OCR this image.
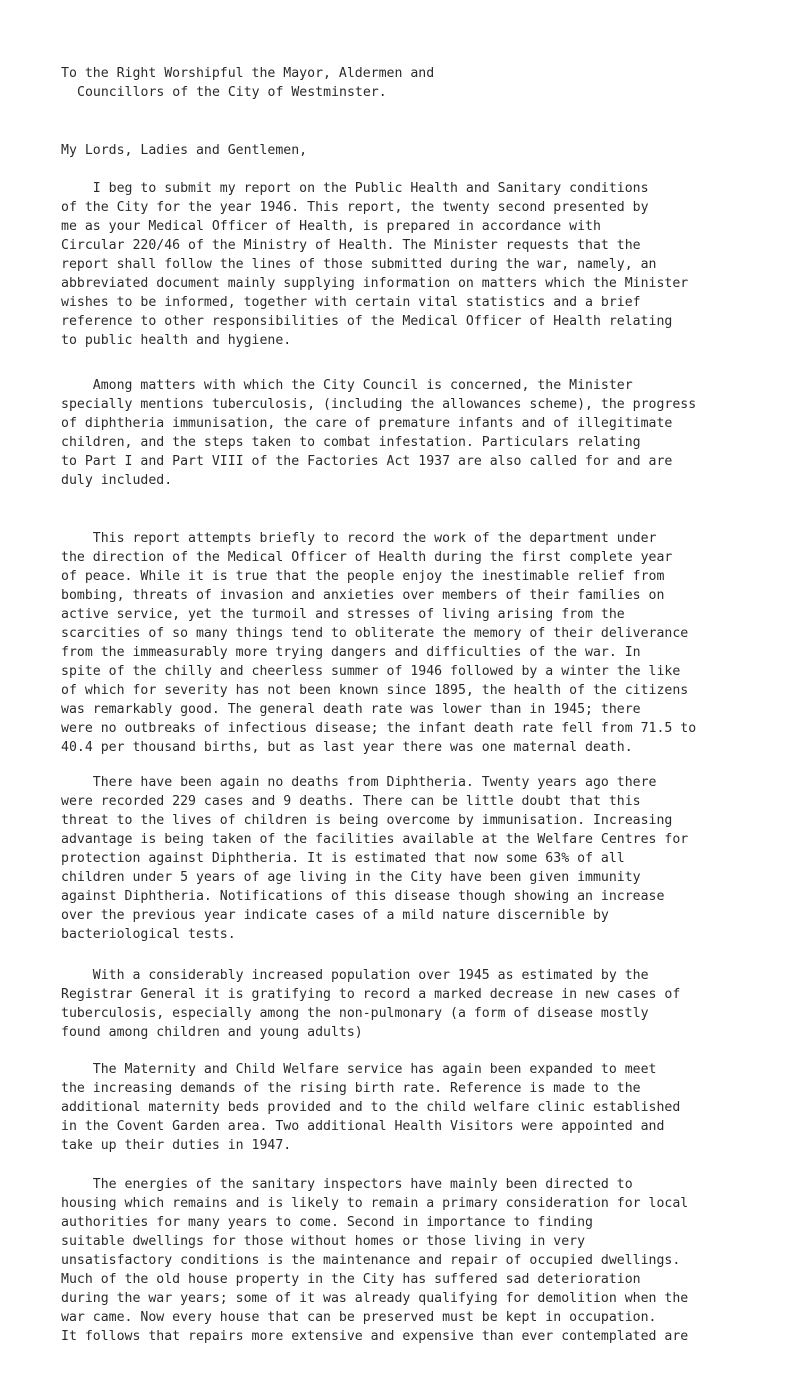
To the Right Worshipful the Mayor, Aldermen and
Councillors of the City of Westminster.
My Lords, Ladies and Gentlemen,
I beg to submit my report on the Public Health and Sanitary conditions
of the City for the year 1946. This report, the twenty second presented by
me as your Medical Officer of Health, is prepared in accordance with
Circular 220/46 of the Ministry of Health. The Minister requests that the
report shall follow the lines of those submitted during the war, namely, an
abbreviated document mainly supplying information on matters which the Minister
wishes to be informed, together with certain vital statistics and a brief
reference to other responsibilities of the Medical Officer of Health relating
to public health and hygiene.
Among matters with which the City Council is concerned, the Minister
specially mentions tuberculosis, (including the allowances scheme), the progress
of diphtheria immunisation, the care of premature infants and of illegitimate
children, and the steps taken to combat infestation. Particulars relating
to Part I and Part VIII of the Factories Act 1937 are also called for and are
duly included.
This report attempts briefly to record the work of the department under
the direction of the Medical Officer of Health during the first complete year
of peace. While it is true that the people enjoy the inestimable relief from
bombing, threats of invasion and anxieties over members of their families on
active service, yet the turmoil and stresses of living arising from the
scarcities of so many things tend to obliterate the memory of their deliverance
from the immeasurably more trying dangers and difficulties of the war. In
spite of the chilly and cheerless summer of 1946 followed by a winter the like
of which for severity has not been known since 1895, the health of the citizens
was remarkably good. The general death rate was lower than in 1945; there
were no outbreaks of infectious disease; the infant death rate fell from 71.5 to
40.4 per thousand births, but as last year there was one maternal death.
There have been again no deaths from Diphtheria. Twenty years ago there
were recorded 229 cases and 9 deaths. There can be little doubt that this
threat to the lives of children is being overcome by immunisation. Increasing
advantage is being taken of the facilities available at the Welfare Centres for
protection against Diphtheria. It is estimated that now some 63% of all
children under 5 years of age living in the City have been given immunity
against Diphtheria. Notifications of this disease though showing an increase
over the previous year indicate cases of a mild nature discernible by
bacteriological tests.
With a considerably increased population over 1945 as estimated by the
Registrar General it is gratifying to record a marked decrease in new cases of
tuberculosis, especially among the non-pulmonary (a form of disease mostly
found among children and young adults)
The Maternity and Child Welfare service has again been expanded to meet
the increasing demands of the rising birth rate. Reference is made to the
additional maternity beds provided and to the child welfare clinic established
in the Covent Garden area. Two additional Health Visitors were appointed and
take up their duties in 1947.
The energies of the sanitary inspectors have mainly been directed to
housing which remains and is likely to remain a primary consideration for local
authorities for many years to come. Second in importance to finding
suitable dwellings for those without homes or those living in very
unsatisfactory conditions is the maintenance and repair of occupied dwellings.
Much of the old house property in the City has suffered sad deterioration
during the war years; some of it was already qualifying for demolition when the
war came. Now every house that can be preserved must be kept in occupation.
It follows that repairs more extensive and expensive than ever contemplated are
